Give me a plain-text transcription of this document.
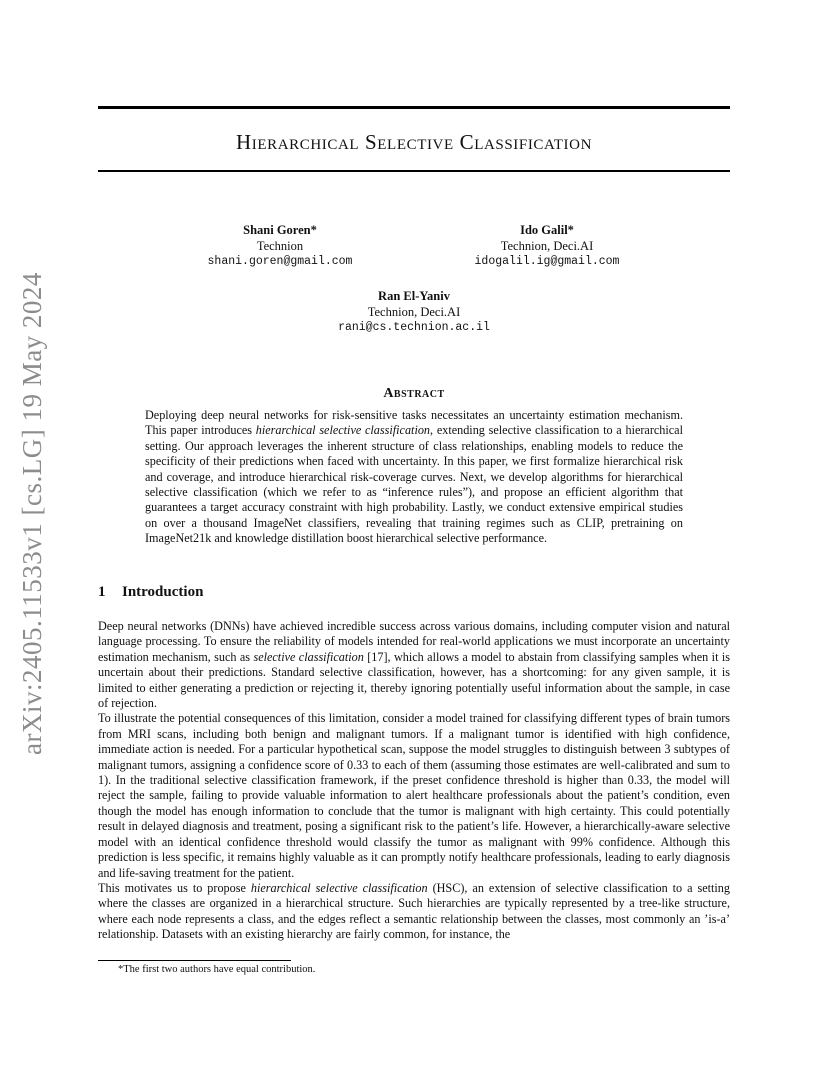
arXiv:2405.11533v1 [cs.LG] 19 May 2024
Hierarchical Selective Classification
Shani Goren*
Technion
shani.goren@gmail.com
Ido Galil*
Technion, Deci.AI
idogalil.ig@gmail.com
Ran El-Yaniv
Technion, Deci.AI
rani@cs.technion.ac.il
Abstract
Deploying deep neural networks for risk-sensitive tasks necessitates an uncertainty estimation mechanism. This paper introduces hierarchical selective classification, extending selective classification to a hierarchical setting. Our approach leverages the inherent structure of class relationships, enabling models to reduce the specificity of their predictions when faced with uncertainty. In this paper, we first formalize hierarchical risk and coverage, and introduce hierarchical risk-coverage curves. Next, we develop algorithms for hierarchical selective classification (which we refer to as “inference rules”), and propose an efficient algorithm that guarantees a target accuracy constraint with high probability. Lastly, we conduct extensive empirical studies on over a thousand ImageNet classifiers, revealing that training regimes such as CLIP, pretraining on ImageNet21k and knowledge distillation boost hierarchical selective performance.
1 Introduction

Deep neural networks (DNNs) have achieved incredible success across various domains, including computer vision and natural language processing. To ensure the reliability of models intended for real-world applications we must incorporate an uncertainty estimation mechanism, such as selective classification [17], which allows a model to abstain from classifying samples when it is uncertain about their predictions. Standard selective classification, however, has a shortcoming: for any given sample, it is limited to either generating a prediction or rejecting it, thereby ignoring potentially useful information about the sample, in case of rejection.

To illustrate the potential consequences of this limitation, consider a model trained for classifying different types of brain tumors from MRI scans, including both benign and malignant tumors. If a malignant tumor is identified with high confidence, immediate action is needed. For a particular hypothetical scan, suppose the model struggles to distinguish between 3 subtypes of malignant tumors, assigning a confidence score of 0.33 to each of them (assuming those estimates are well-calibrated and sum to 1). In the traditional selective classification framework, if the preset confidence threshold is higher than 0.33, the model will reject the sample, failing to provide valuable information to alert healthcare professionals about the patient’s condition, even though the model has enough information to conclude that the tumor is malignant with high certainty. This could potentially result in delayed diagnosis and treatment, posing a significant risk to the patient’s life. However, a hierarchically-aware selective model with an identical confidence threshold would classify the tumor as malignant with 99% confidence. Although this prediction is less specific, it remains highly valuable as it can promptly notify healthcare professionals, leading to early diagnosis and life-saving treatment for the patient.

This motivates us to propose hierarchical selective classification (HSC), an extension of selective classification to a setting where the classes are organized in a hierarchical structure. Such hierarchies are typically represented by a tree-like structure, where each node represents a class, and the edges reflect a semantic relationship between the classes, most commonly an ’is-a’ relationship. Datasets with an existing hierarchy are fairly common, for instance, the

*The first two authors have equal contribution.
